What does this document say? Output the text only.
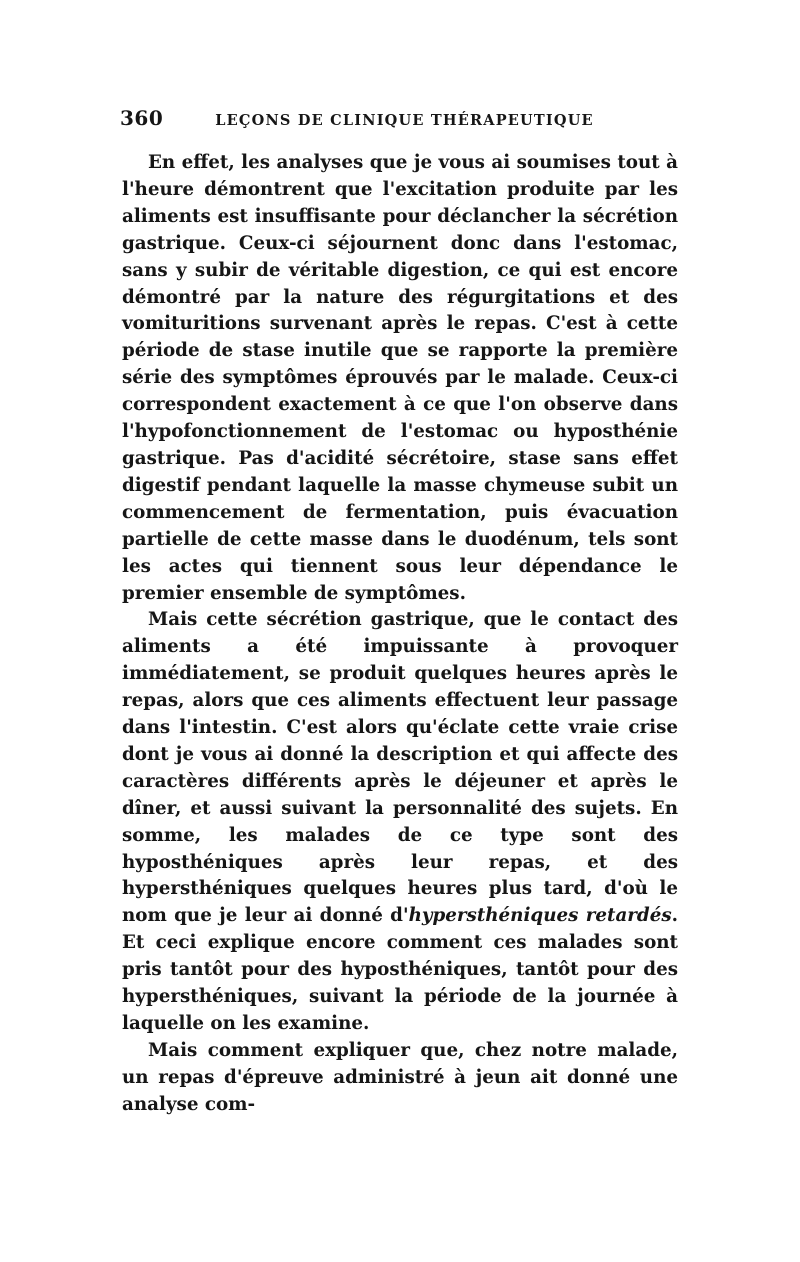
360	LEÇONS DE CLINIQUE THÉRAPEUTIQUE

En effet, les analyses que je vous ai soumises tout à l'heure démontrent que l'excitation produite par les aliments est insuffisante pour déclancher la sécrétion gastrique. Ceux-ci séjournent donc dans l'estomac, sans y subir de véritable digestion, ce qui est encore démontré par la nature des régurgitations et des vomituritions survenant après le repas. C'est à cette période de stase inutile que se rapporte la première série des symptômes éprouvés par le malade. Ceux-ci correspondent exactement à ce que l'on observe dans l'hypofonctionnement de l'estomac ou hyposthénie gastrique. Pas d'acidité sécrétoire, stase sans effet digestif pendant laquelle la masse chymeuse subit un commencement de fermentation, puis évacuation partielle de cette masse dans le duodénum, tels sont les actes qui tiennent sous leur dépendance le premier ensemble de symptômes.

Mais cette sécrétion gastrique, que le contact des aliments a été impuissante à provoquer immédiatement, se produit quelques heures après le repas, alors que ces aliments effectuent leur passage dans l'intestin. C'est alors qu'éclate cette vraie crise dont je vous ai donné la description et qui affecte des caractères différents après le déjeuner et après le dîner, et aussi suivant la personnalité des sujets. En somme, les malades de ce type sont des hyposthéniques après leur repas, et des hypersthéniques quelques heures plus tard, d'où le nom que je leur ai donné d'hypersthéniques retardés. Et ceci explique encore comment ces malades sont pris tantôt pour des hyposthéniques, tantôt pour des hypersthéniques, suivant la période de la journée à laquelle on les examine.

Mais comment expliquer que, chez notre malade, un repas d'épreuve administré à jeun ait donné une analyse com-
